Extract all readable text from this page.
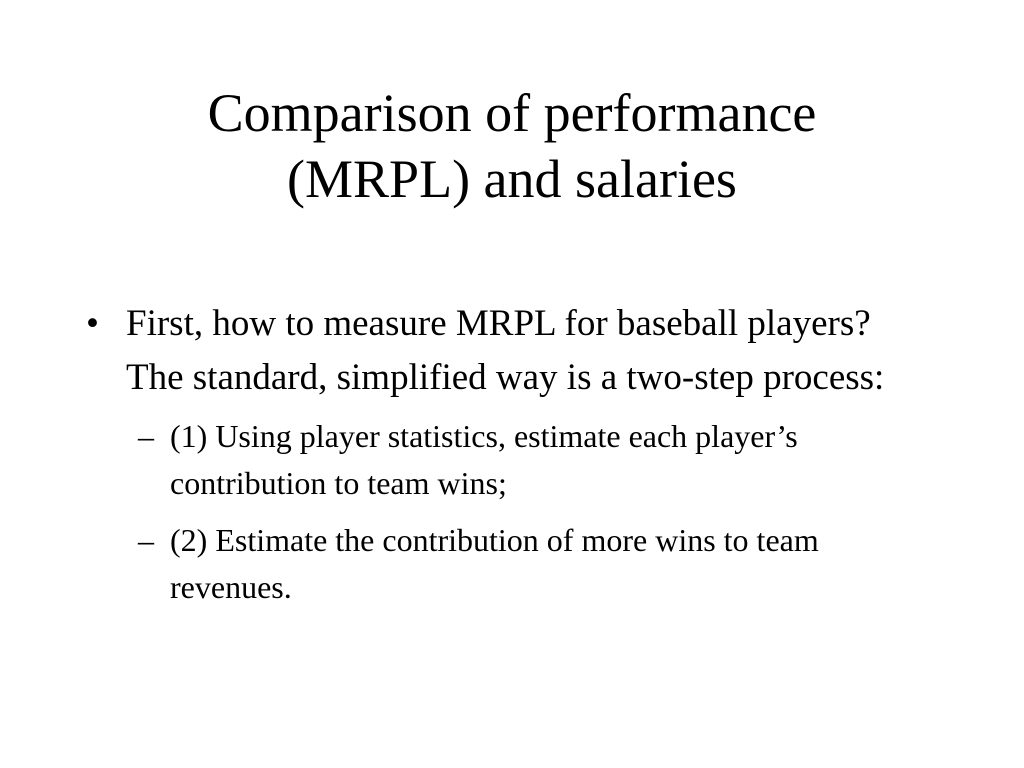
Comparison of performance
(MRPL) and salaries
• First, how to measure MRPL for baseball players? The standard, simplified way is a two-step process:
– (1) Using player statistics, estimate each player’s contribution to team wins;
– (2) Estimate the contribution of more wins to team revenues.
